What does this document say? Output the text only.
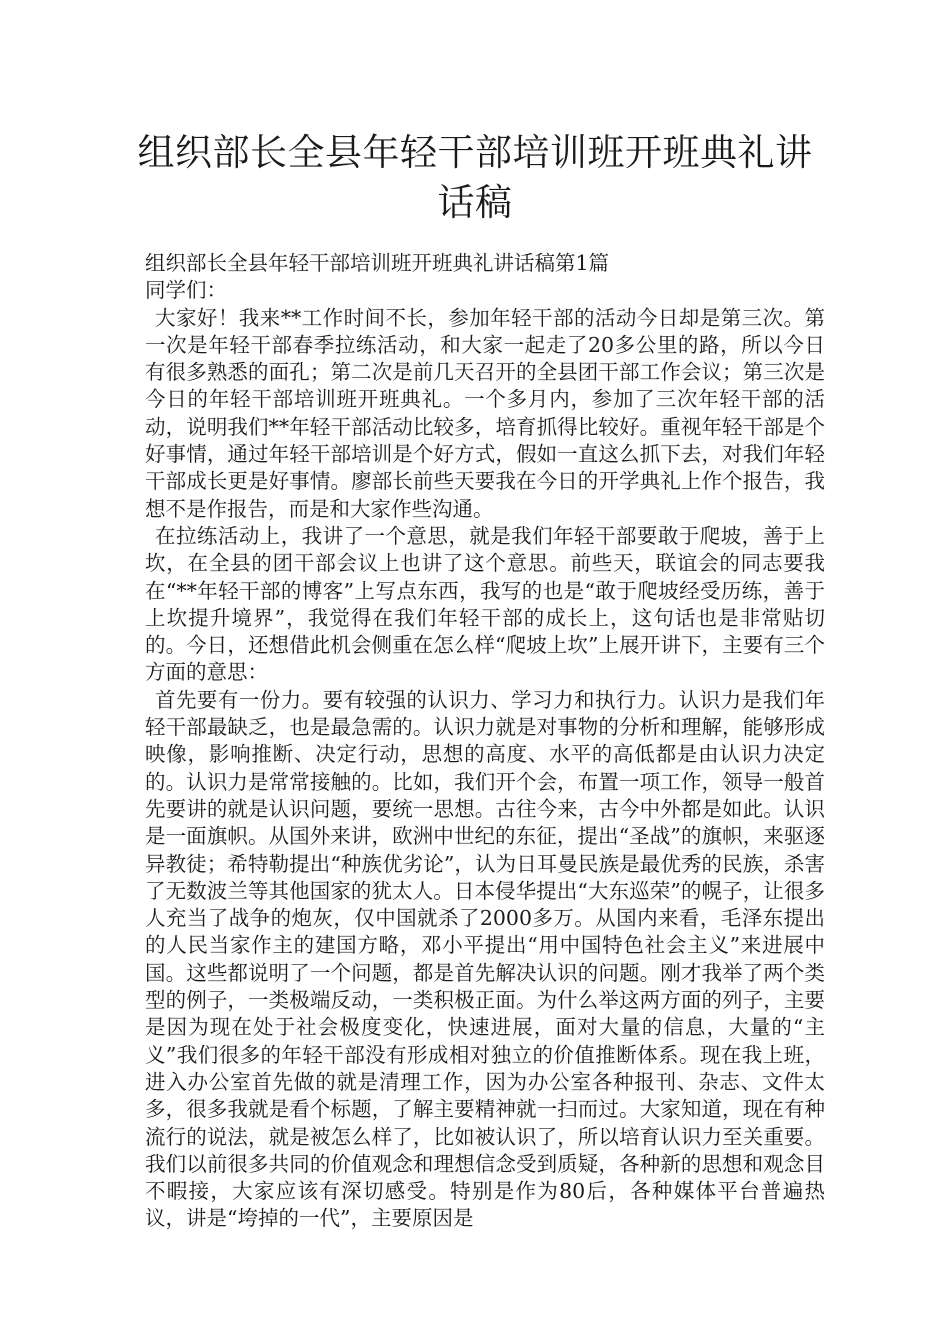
组织部长全县年轻干部培训班开班典礼讲
话稿

组织部长全县年轻干部培训班开班典礼讲话稿第1篇

同学们：

大家好！我来**工作时间不长，参加年轻干部的活动今日却是第三次。第一次是年轻干部春季拉练活动，和大家一起走了20多公里的路，所以今日有很多熟悉的面孔；第二次是前几天召开的全县团干部工作会议；第三次是今日的年轻干部培训班开班典礼。一个多月内，参加了三次年轻干部的活动，说明我们**年轻干部活动比较多，培育抓得比较好。重视年轻干部是个好事情，通过年轻干部培训是个好方式，假如一直这么抓下去，对我们年轻干部成长更是好事情。廖部长前些天要我在今日的开学典礼上作个报告，我想不是作报告，而是和大家作些沟通。

在拉练活动上，我讲了一个意思，就是我们年轻干部要敢于爬坡，善于上坎，在全县的团干部会议上也讲了这个意思。前些天，联谊会的同志要我在“**年轻干部的博客”上写点东西，我写的也是“敢于爬坡经受历练，善于上坎提升境界”，我觉得在我们年轻干部的成长上，这句话也是非常贴切的。今日，还想借此机会侧重在怎么样“爬坡上坎”上展开讲下，主要有三个方面的意思：

首先要有一份力。要有较强的认识力、学习力和执行力。认识力是我们年轻干部最缺乏，也是最急需的。认识力就是对事物的分析和理解，能够形成映像，影响推断、决定行动，思想的高度、水平的高低都是由认识力决定的。认识力是常常接触的。比如，我们开个会，布置一项工作，领导一般首先要讲的就是认识问题，要统一思想。古往今来，古今中外都是如此。认识是一面旗帜。从国外来讲，欧洲中世纪的东征，提出“圣战”的旗帜，来驱逐异教徒；希特勒提出“种族优劣论”，认为日耳曼民族是最优秀的民族，杀害了无数波兰等其他国家的犹太人。日本侵华提出“大东巡荣”的幌子，让很多人充当了战争的炮灰，仅中国就杀了2000多万。从国内来看，毛泽东提出的人民当家作主的建国方略，邓小平提出“用中国特色社会主义”来进展中国。这些都说明了一个问题，都是首先解决认识的问题。刚才我举了两个类型的例子，一类极端反动，一类积极正面。为什么举这两方面的列子，主要是因为现在处于社会极度变化，快速进展，面对大量的信息，大量的“主义”我们很多的年轻干部没有形成相对独立的价值推断体系。现在我上班，进入办公室首先做的就是清理工作，因为办公室各种报刊、杂志、文件太多，很多我就是看个标题，了解主要精神就一扫而过。大家知道，现在有种流行的说法，就是被怎么样了，比如被认识了，所以培育认识力至关重要。我们以前很多共同的价值观念和理想信念受到质疑，各种新的思想和观念目不暇接，大家应该有深切感受。特别是作为80后，各种媒体平台普遍热议，讲是“垮掉的一代”，主要原因是
